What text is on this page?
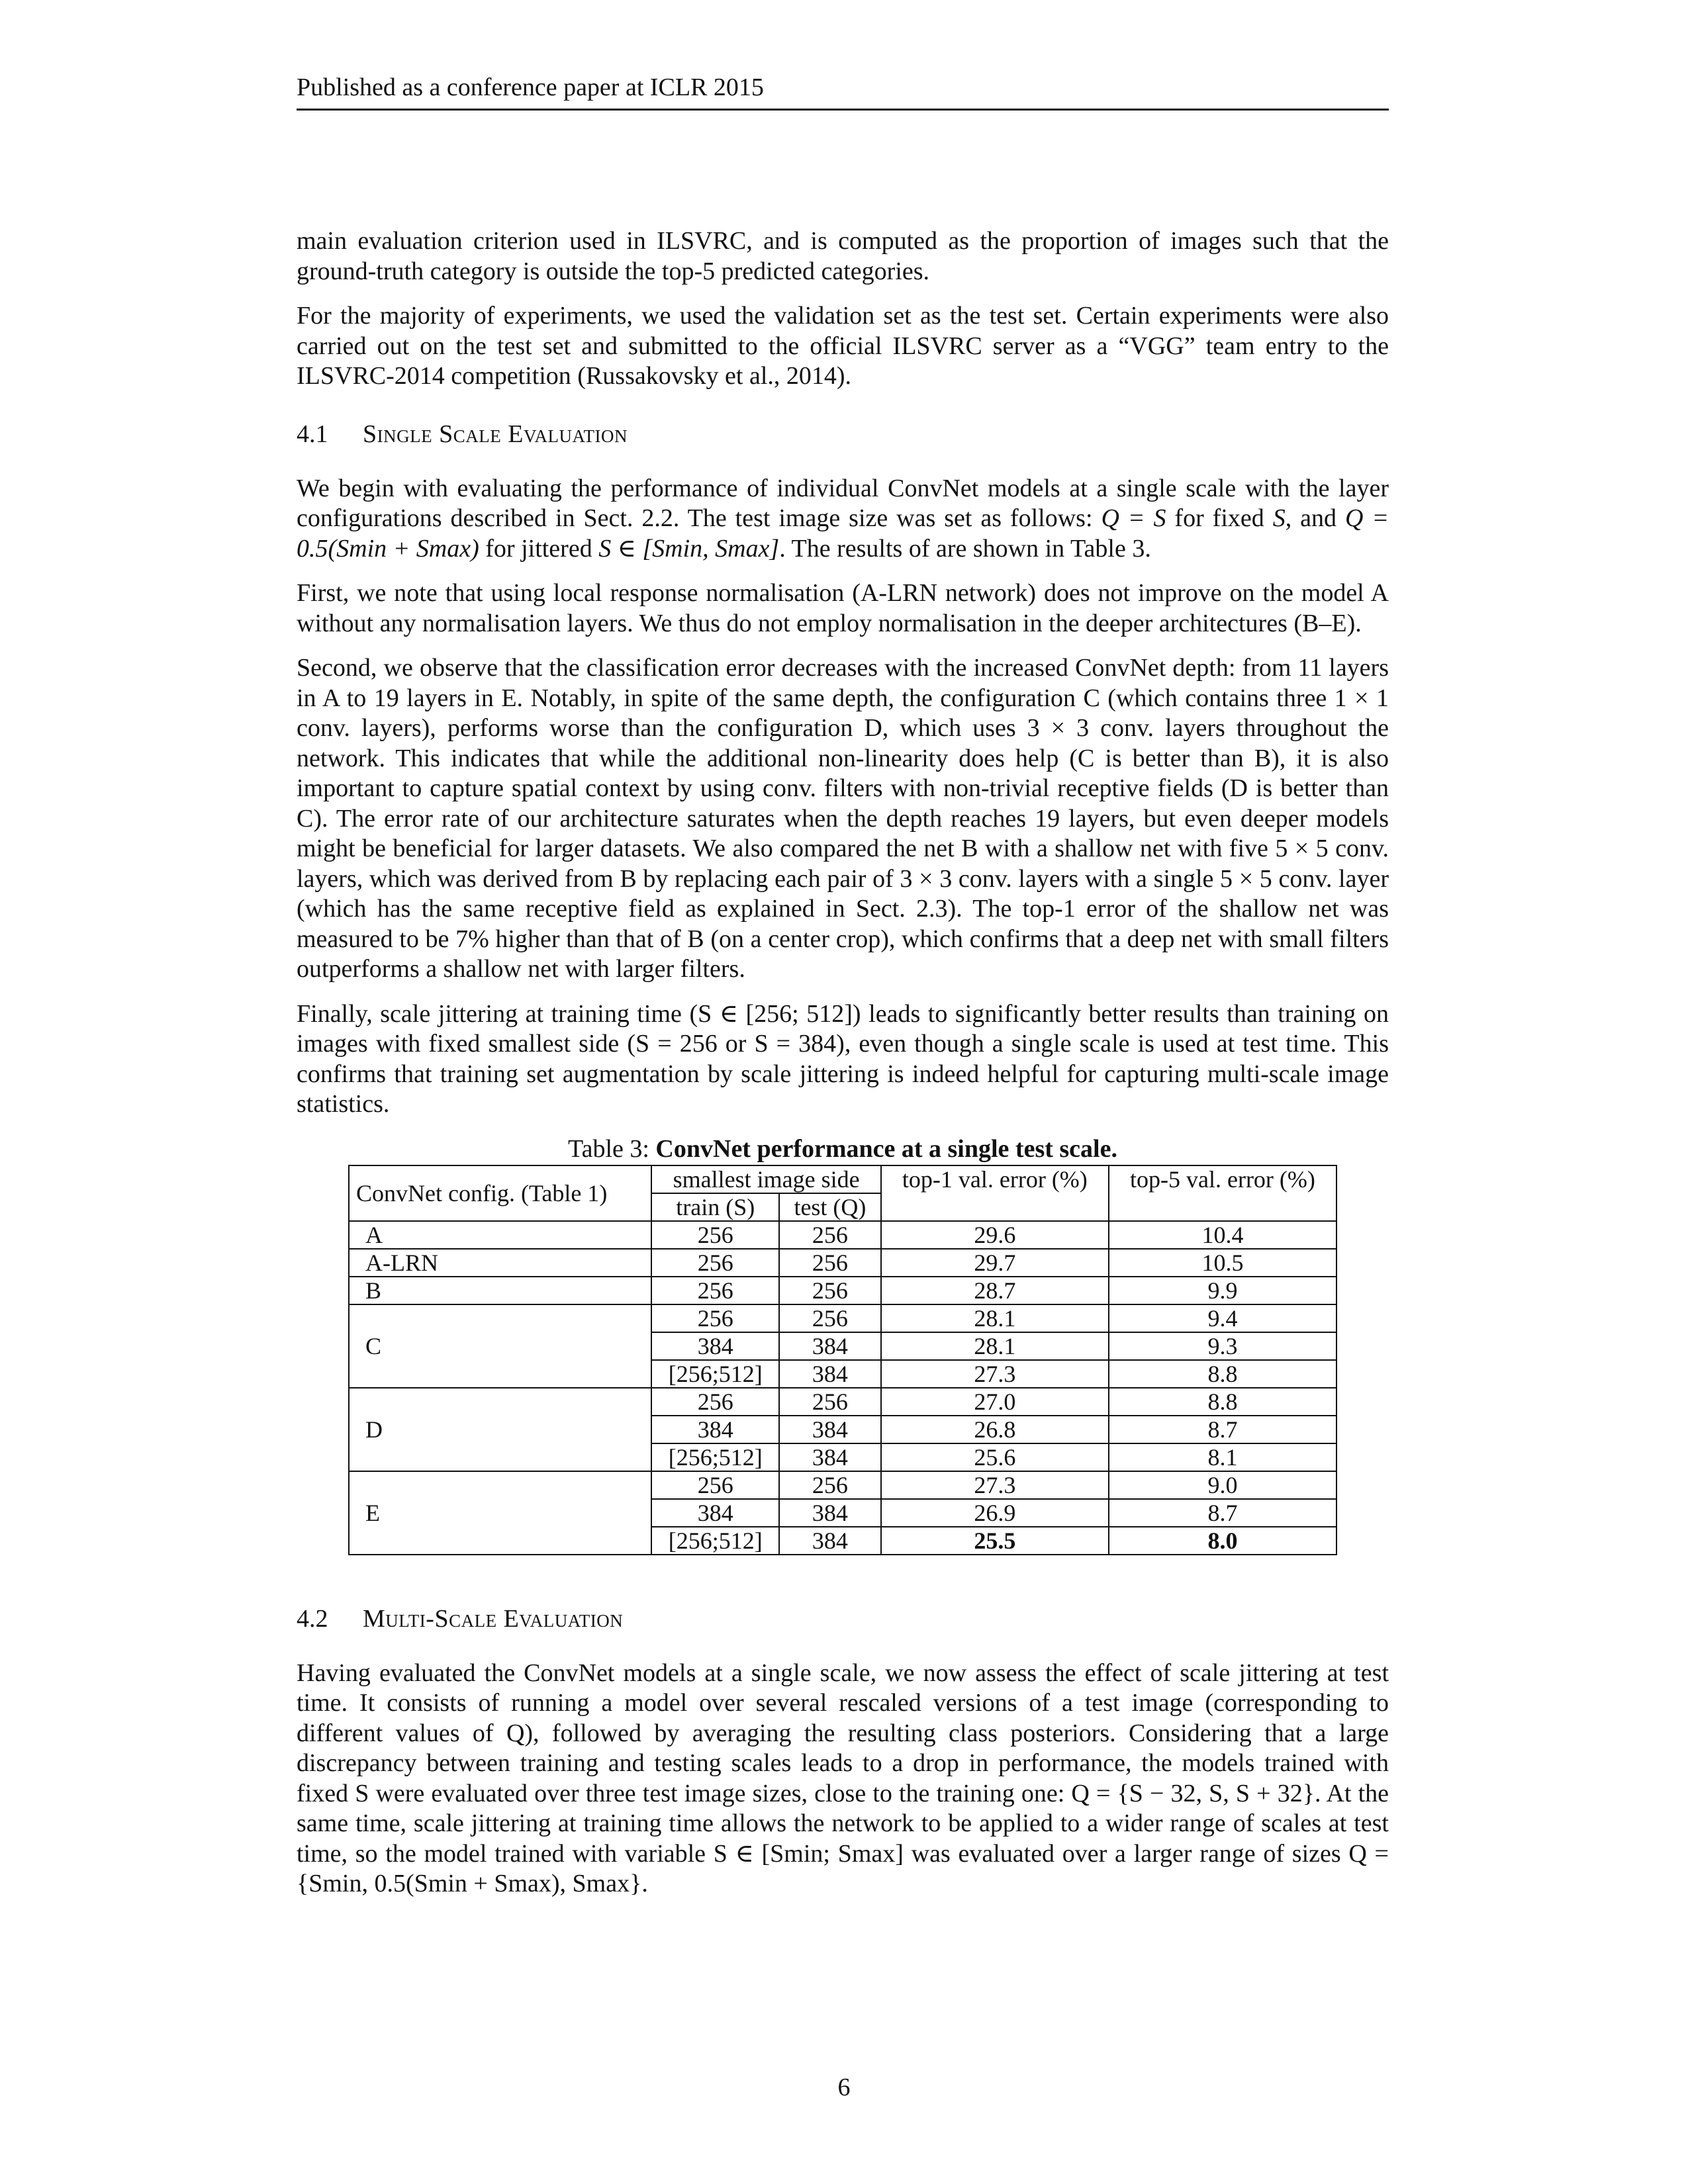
Published as a conference paper at ICLR 2015

main evaluation criterion used in ILSVRC, and is computed as the proportion of images such that the ground-truth category is outside the top-5 predicted categories.

For the majority of experiments, we used the validation set as the test set. Certain experiments were also carried out on the test set and submitted to the official ILSVRC server as a “VGG” team entry to the ILSVRC-2014 competition (Russakovsky et al., 2014).

4.1 Single Scale Evaluation

We begin with evaluating the performance of individual ConvNet models at a single scale with the layer configurations described in Sect. 2.2. The test image size was set as follows: Q = S for fixed S, and Q = 0.5(Smin + Smax) for jittered S ∈ [Smin, Smax]. The results of are shown in Table 3.

First, we note that using local response normalisation (A-LRN network) does not improve on the model A without any normalisation layers. We thus do not employ normalisation in the deeper architectures (B–E).

Second, we observe that the classification error decreases with the increased ConvNet depth: from 11 layers in A to 19 layers in E. Notably, in spite of the same depth, the configuration C (which contains three 1 × 1 conv. layers), performs worse than the configuration D, which uses 3 × 3 conv. layers throughout the network. This indicates that while the additional non-linearity does help (C is better than B), it is also important to capture spatial context by using conv. filters with non-trivial receptive fields (D is better than C). The error rate of our architecture saturates when the depth reaches 19 layers, but even deeper models might be beneficial for larger datasets. We also compared the net B with a shallow net with five 5 × 5 conv. layers, which was derived from B by replacing each pair of 3 × 3 conv. layers with a single 5 × 5 conv. layer (which has the same receptive field as explained in Sect. 2.3). The top-1 error of the shallow net was measured to be 7% higher than that of B (on a center crop), which confirms that a deep net with small filters outperforms a shallow net with larger filters.

Finally, scale jittering at training time (S ∈ [256; 512]) leads to significantly better results than training on images with fixed smallest side (S = 256 or S = 384), even though a single scale is used at test time. This confirms that training set augmentation by scale jittering is indeed helpful for capturing multi-scale image statistics.

Table 3: ConvNet performance at a single test scale.
ConvNet config. (Table 1)	smallest image side		top-1 val. error (%)	top-5 val. error (%)
	train (S)	test (Q)		
A	256	256	29.6	10.4
A-LRN	256	256	29.7	10.5
B	256	256	28.7	9.9
C	256	256	28.1	9.4
	384	384	28.1	9.3
	[256;512]	384	27.3	8.8
D	256	256	27.0	8.8
	384	384	26.8	8.7
	[256;512]	384	25.6	8.1
E	256	256	27.3	9.0
	384	384	26.9	8.7
	[256;512]	384	25.5	8.0
4.2 Multi-Scale Evaluation

Having evaluated the ConvNet models at a single scale, we now assess the effect of scale jittering at test time. It consists of running a model over several rescaled versions of a test image (corresponding to different values of Q), followed by averaging the resulting class posteriors. Considering that a large discrepancy between training and testing scales leads to a drop in performance, the models trained with fixed S were evaluated over three test image sizes, close to the training one: Q = {S − 32, S, S + 32}. At the same time, scale jittering at training time allows the network to be applied to a wider range of scales at test time, so the model trained with variable S ∈ [Smin; Smax] was evaluated over a larger range of sizes Q = {Smin, 0.5(Smin + Smax), Smax}.

6
